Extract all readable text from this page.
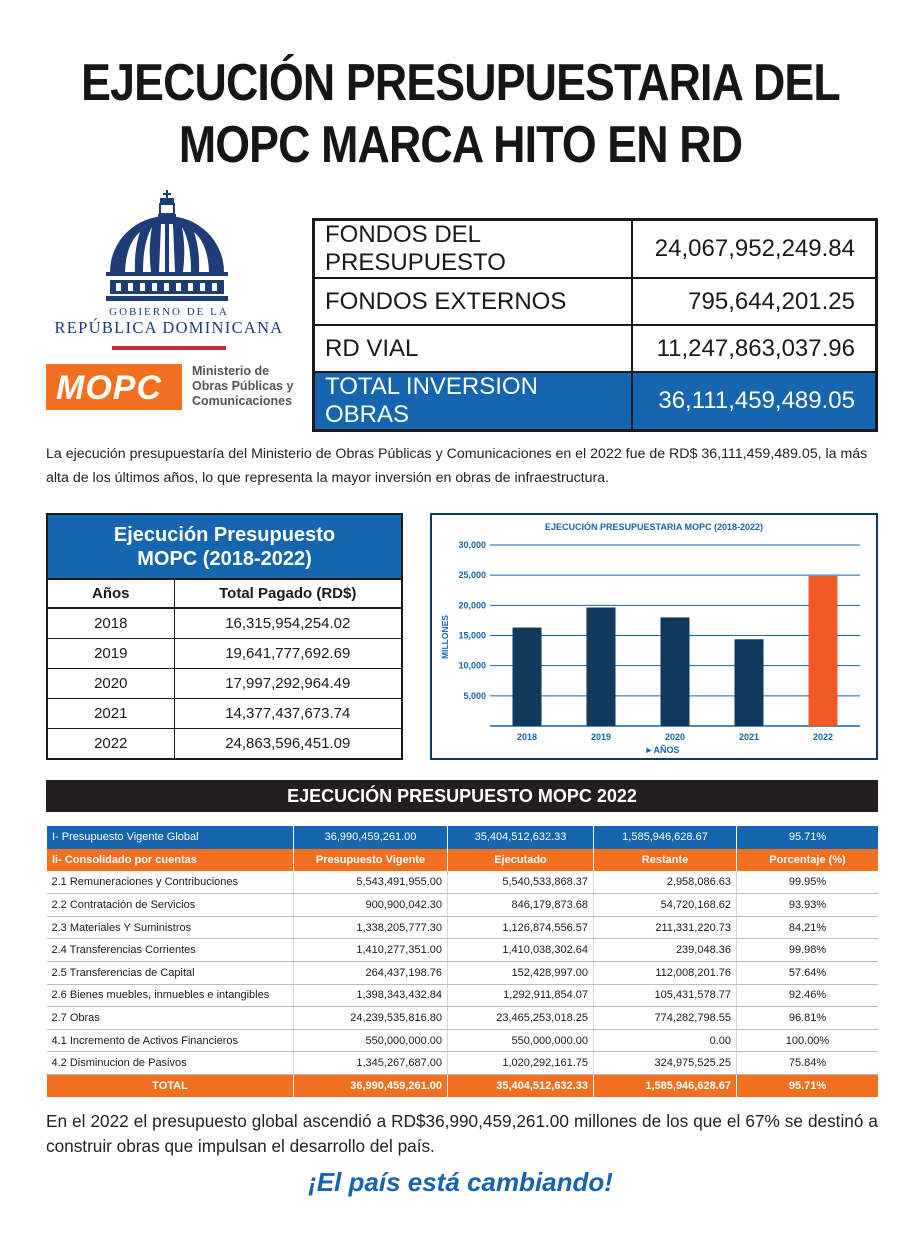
EJECUCIÓN PRESUPUESTARIA DEL
MOPC MARCA HITO EN RD
GOBIERNO DE LA
REPÚBLICA DOMINICANA
MOPC Ministerio de
Obras Públicas y
Comunicaciones
FONDOS DEL PRESUPUESTO	24,067,952,249.84
FONDOS EXTERNOS	795,644,201.25
RD VIAL	11,247,863,037.96
TOTAL INVERSION OBRAS	36,111,459,489.05

La ejecución presupuestaría del Ministerio de Obras Públicas y Comunicaciones en el 2022 fue de RD$ 36,111,459,489.05, la más alta de los últimos años, lo que representa la mayor inversión en obras de infraestructura.

Ejecución Presupuesto
MOPC (2018-2022)
Años	Total Pagado (RD$)
2018	16,315,954,254.02
2019	19,641,777,692.69
2020	17,997,292,964.49
2021	14,377,437,673.74
2022	24,863,596,451.09
EJECUCIÓN PRESUPUESTARIA MOPC (2018-2022)
MILLONES
►AÑOS
5,000
10,000
15,000
20,000
25,000
30,000
2018	2019	2020	2021	2022
EJECUCIÓN PRESUPUESTO MOPC 2022
I- Presupuesto Vigente Global	36,990,459,261.00	35,404,512,632.33	1,585,946,628.67	95.71%
Ii- Consolidado por cuentas	Presupuesto Vigente	Ejecutado	Restante	Porcentaje (%)
2.1 Remuneraciones y Contribuciones	5,543,491,955.00	5,540,533,868.37	2,958,086.63	99.95%
2.2 Contratación de Servicios	900,900,042.30	846,179,873.68	54,720,168.62	93.93%
2.3 Materiales Y Suministros	1,338,205,777.30	1,126,874,556.57	211,331,220.73	84.21%
2.4 Transferencias Corrientes	1,410,277,351.00	1,410,038,302.64	239,048.36	99.98%
2.5 Transferencias de Capital	264,437,198.76	152,428,997.00	112,008,201.76	57.64%
2.6 Bienes muebles, inmuebles e intangibles	1,398,343,432.84	1,292,911,854.07	105,431,578.77	92.46%
2.7 Obras	24,239,535,816.80	23,465,253,018.25	774,282,798.55	96.81%
4.1 Incremento de Activos Financieros	550,000,000.00	550,000,000.00	0.00	100.00%
4.2 Disminucion de Pasivos	1,345,267,687.00	1,020,292,161.75	324,975,525.25	75.84%
TOTAL	36,990,459,261.00	35,404,512,632.33	1,585,946,628.67	95.71%

En el 2022 el presupuesto global ascendió a RD$36,990,459,261.00 millones de los que el 67% se destinó a construir obras que impulsan el desarrollo del país.

¡El país está cambiando!
